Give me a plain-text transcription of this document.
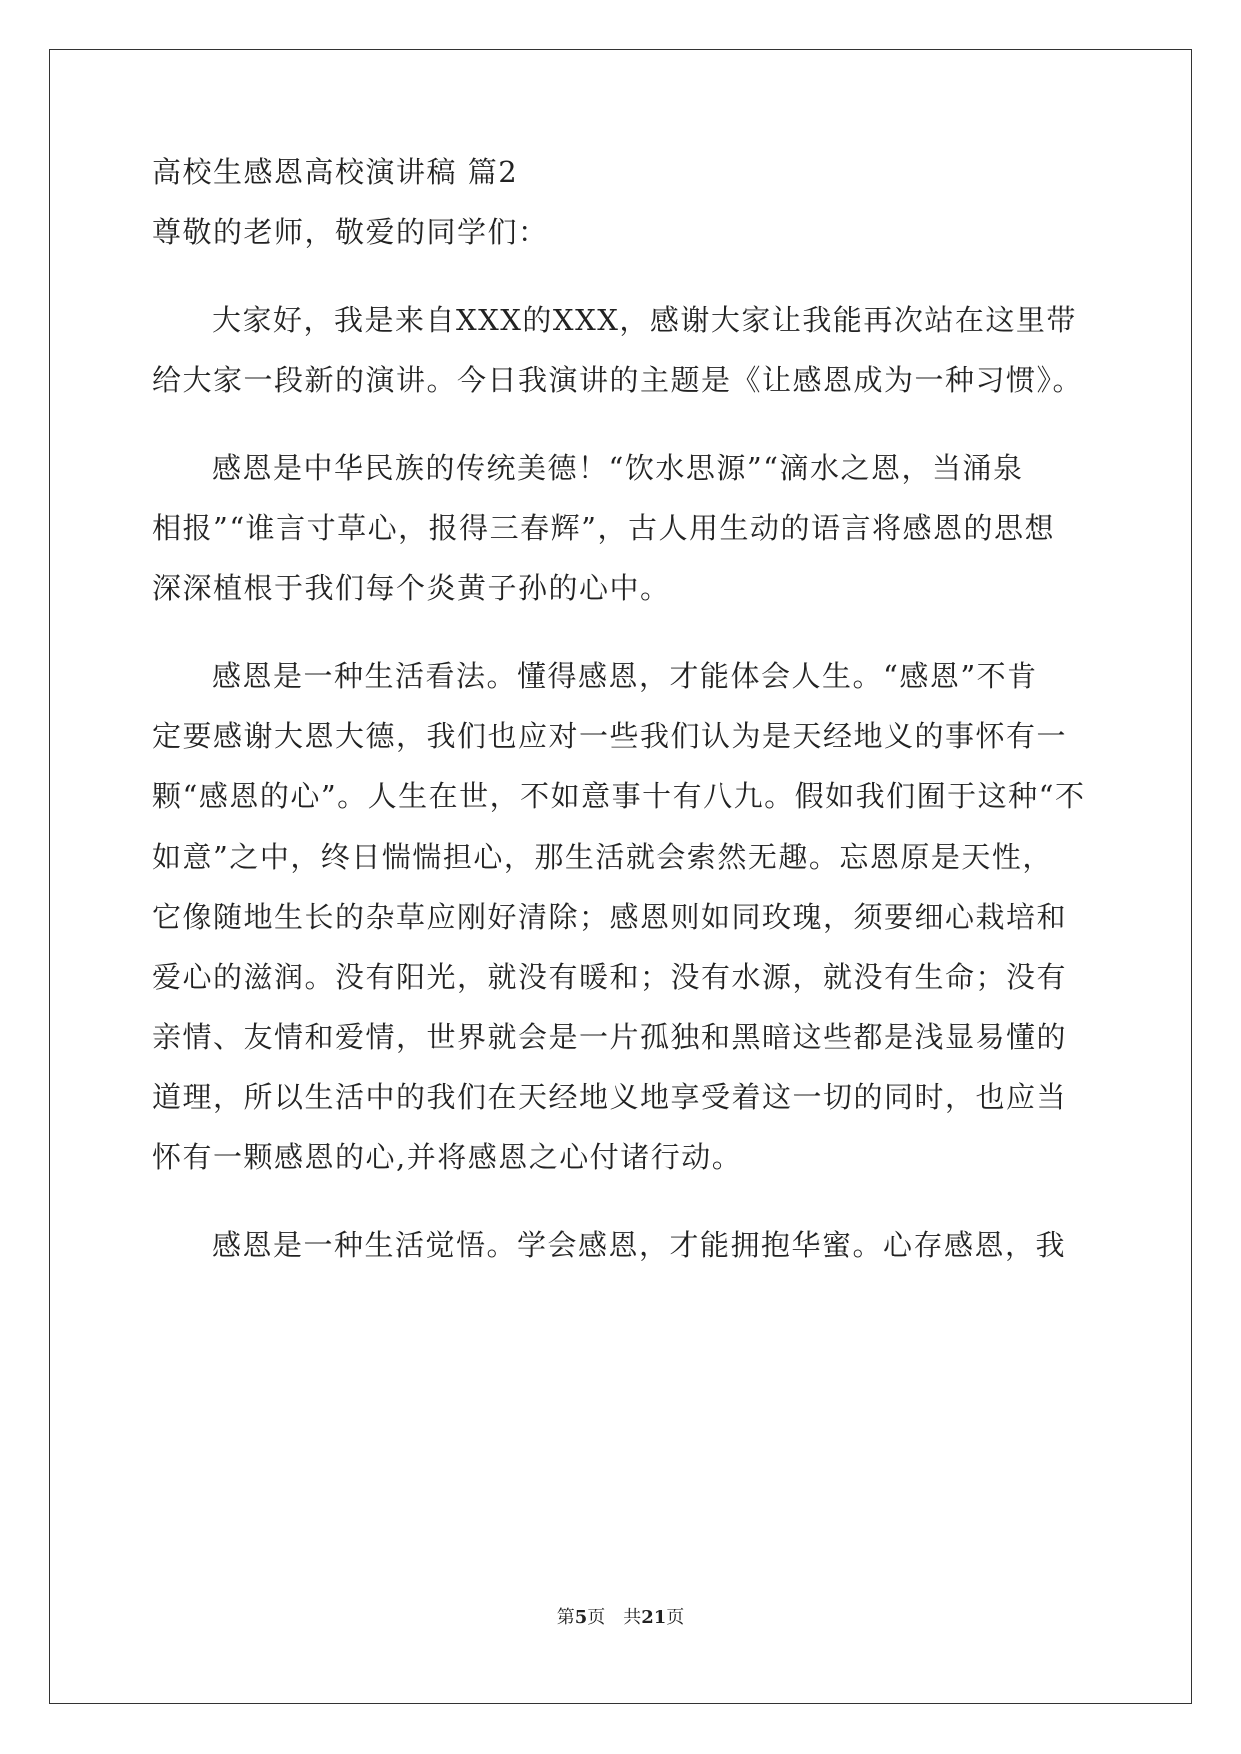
高校生感恩高校演讲稿 篇2

尊敬的老师，敬爱的同学们：

大家好，我是来自XXX的XXX，感谢大家让我能再次站在这里带

给大家一段新的演讲。今日我演讲的主题是《让感恩成为一种习惯》。

感恩是中华民族的传统美德！“饮水思源”“滴水之恩，当涌泉

相报”“谁言寸草心，报得三春辉”，古人用生动的语言将感恩的思想

深深植根于我们每个炎黄子孙的心中。

感恩是一种生活看法。懂得感恩，才能体会人生。“感恩”不肯

定要感谢大恩大德，我们也应对一些我们认为是天经地义的事怀有一

颗“感恩的心”。人生在世，不如意事十有八九。假如我们囿于这种“不

如意”之中，终日惴惴担心，那生活就会索然无趣。忘恩原是天性，

它像随地生长的杂草应刚好清除；感恩则如同玫瑰，须要细心栽培和

爱心的滋润。没有阳光，就没有暖和；没有水源，就没有生命；没有

亲情、友情和爱情，世界就会是一片孤独和黑暗这些都是浅显易懂的

道理，所以生活中的我们在天经地义地享受着这一切的同时，也应当

怀有一颗感恩的心,并将感恩之心付诸行动。

感恩是一种生活觉悟。学会感恩，才能拥抱华蜜。心存感恩，我

第5页　共21页
